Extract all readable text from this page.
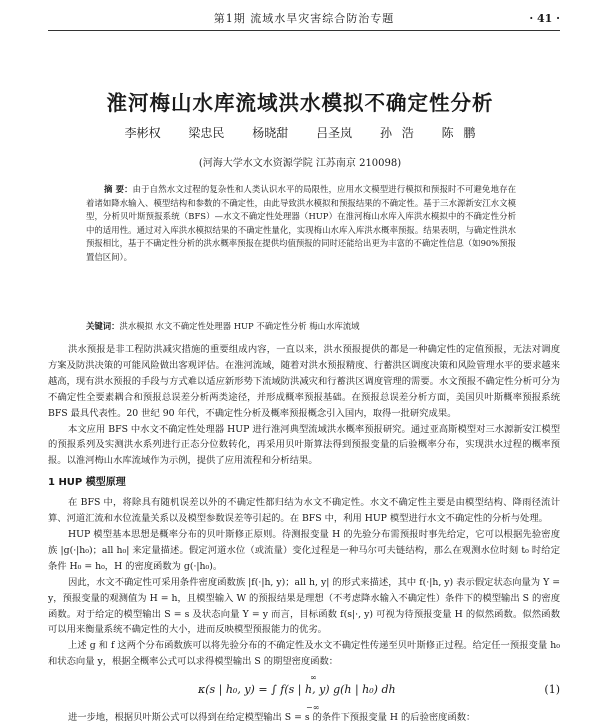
第1期 流域水旱灾害综合防治专题	· 41 ·
淮河梅山水库流域洪水模拟不确定性分析
李彬权 梁忠民 杨晓甜 吕圣岚 孙 浩 陈 鹏
(河海大学水文水资源学院 江苏南京 210098)
摘 要：由于自然水文过程的复杂性和人类认识水平的局限性，应用水文模型进行模拟和预报时不可避免地存在着诸如降水输入、模型结构和参数的不确定性，由此导致洪水模拟和预报结果的不确定性。基于三水源新安江水文模型，分析贝叶斯预报系统（BFS）—水文不确定性处理器（HUP）在淮河梅山水库入库洪水模拟中的不确定性分析中的适用性。通过对入库洪水模拟结果的不确定性量化，实现梅山水库入库洪水概率预报。结果表明，与确定性洪水预报相比，基于不确定性分析的洪水概率预报在提供均值预报的同时还能给出更为丰富的不确定性信息（如90%预报置信区间）。
关键词：洪水模拟 水文不确定性处理器 HUP 不确定性分析 梅山水库流域

洪水预报是非工程防洪减灾措施的重要组成内容，一直以来，洪水预报提供的都是一种确定性的定值预报，无法对调度方案及防洪决策的可能风险做出客观评估。在淮河流域，随着对洪水预报精度、行蓄洪区调度决策和风险管理水平的要求越来越高，现有洪水预报的手段与方式难以适应新形势下流域防洪减灾和行蓄洪区调度管理的需要。水文预报不确定性分析可分为不确定性全要素耦合和预报总误差分析两类途径，并形成概率预报基础。在预报总误差分析方面，美国贝叶斯概率预报系统 BFS 最具代表性。20 世纪 90 年代，不确定性分析及概率预报概念引入国内，取得一批研究成果。

本文应用 BFS 中水文不确定性处理器 HUP 进行淮河典型流域洪水概率预报研究。通过亚高斯模型对三水源新安江模型的预报系列及实测洪水系列进行正态分位数转化，再采用贝叶斯算法得到预报变量的后验概率分布，实现洪水过程的概率预报。以淮河梅山水库流域作为示例，提供了应用流程和分析结果。

1 HUP 模型原理

在 BFS 中，将除具有随机误差以外的不确定性都归结为水文不确定性。水文不确定性主要是由模型结构、降雨径流计算、河道汇流和水位流量关系以及模型参数误差等引起的。在 BFS 中，利用 HUP 模型进行水文不确定性的分析与处理。

HUP 模型基本思想是概率分布的贝叶斯修正原则。待测报变量 H 的先验分布需预报时事先给定，它可以根据先验密度族 |g(·|h₀)；all h₀| 来定量描述。假定河道水位（或流量）变化过程是一种马尔可夫链结构，那么在观测水位时刻 t₀ 时给定条件 H₀ = h₀，H 的密度函数为 g(·|h₀)。

因此，水文不确定性可采用条件密度函数族 |f(·|h, y)；all h, y| 的形式来描述，其中 f(·|h, y) 表示假定状态向量为 Y = y，预报变量的观测值为 H = h，且模型输入 W 的预报结果是理想（不考虑降水输入不确定性）条件下的模型输出 S 的密度函数。对于给定的模型输出 S = s 及状态向量 Y = y 而言，目标函数 f(s|·, y) 可视为待预报变量 H 的似然函数。似然函数可以用来衡量系统不确定性的大小，进而反映模型预报能力的优劣。

上述 g 和 f 这两个分布函数族可以将先验分布的不确定性及水文不确定性传递至贝叶斯修正过程。给定任一预报变量 h₀ 和状态向量 y，根据全概率公式可以求得模型输出 S 的期望密度函数：

∞
κ(s | h₀, y) = ∫ f(s | h, y) g(h | h₀) dh
−∞
(1)

进一步地，根据贝叶斯公式可以得到在给定模型输出 S = s 的条件下预报变量 H 的后验密度函数：
